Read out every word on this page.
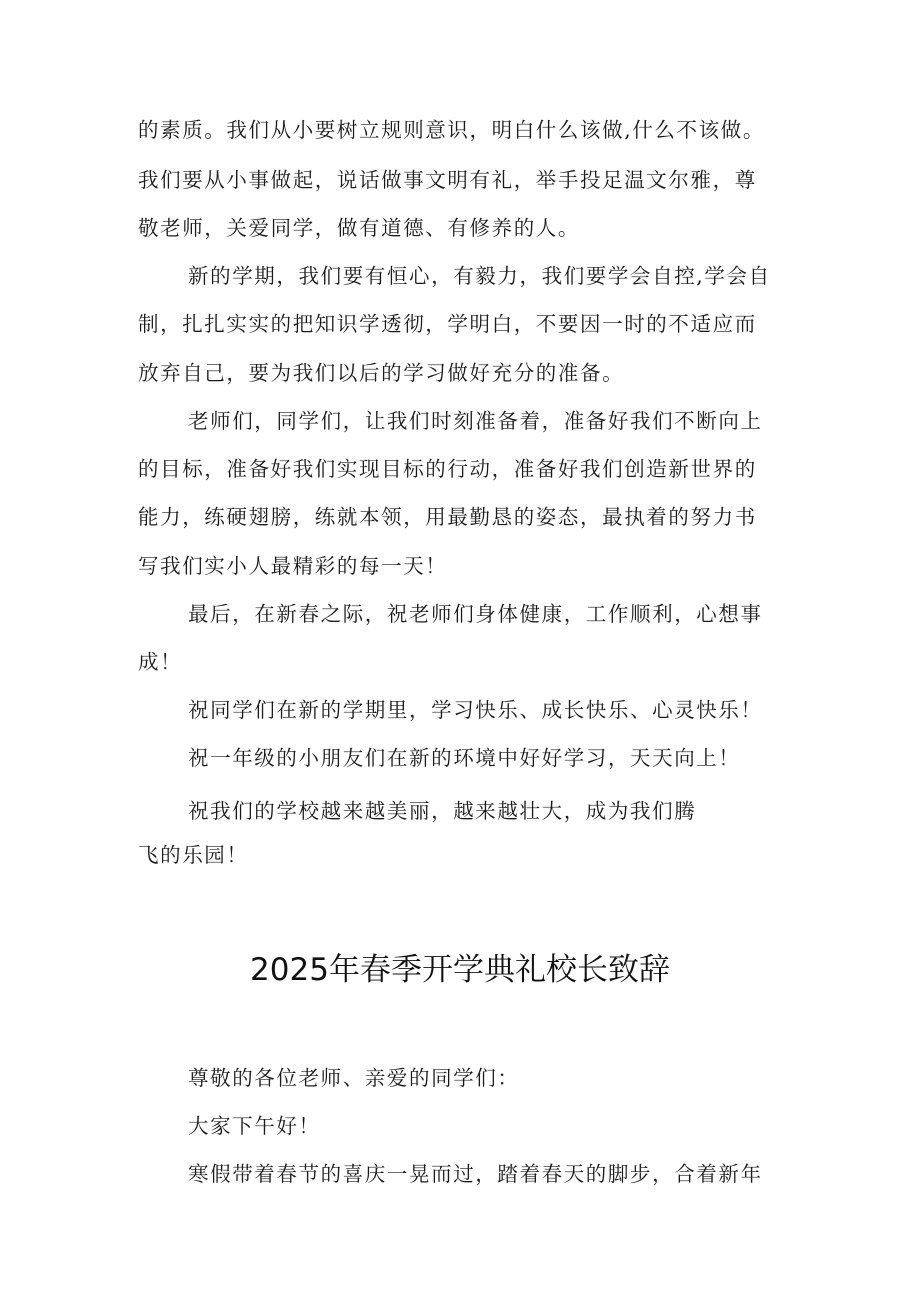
的素质。我们从小要树立规则意识，明白什么该做,什么不该做。
我们要从小事做起，说话做事文明有礼，举手投足温文尔雅，尊
敬老师，关爱同学，做有道德、有修养的人。
新的学期，我们要有恒心，有毅力，我们要学会自控,学会自
制，扎扎实实的把知识学透彻，学明白，不要因一时的不适应而
放弃自己，要为我们以后的学习做好充分的准备。
老师们，同学们，让我们时刻准备着，准备好我们不断向上
的目标，准备好我们实现目标的行动，准备好我们创造新世界的
能力，练硬翅膀，练就本领，用最勤恳的姿态，最执着的努力书
写我们实小人最精彩的每一天！
最后，在新春之际，祝老师们身体健康，工作顺利，心想事
成！
祝同学们在新的学期里，学习快乐、成长快乐、心灵快乐！
祝一年级的小朋友们在新的环境中好好学习，天天向上！
祝我们的学校越来越美丽，越来越壮大，成为我们腾
飞的乐园！
2025年春季开学典礼校长致辞
尊敬的各位老师、亲爱的同学们：
大家下午好！
寒假带着春节的喜庆一晃而过，踏着春天的脚步，合着新年
